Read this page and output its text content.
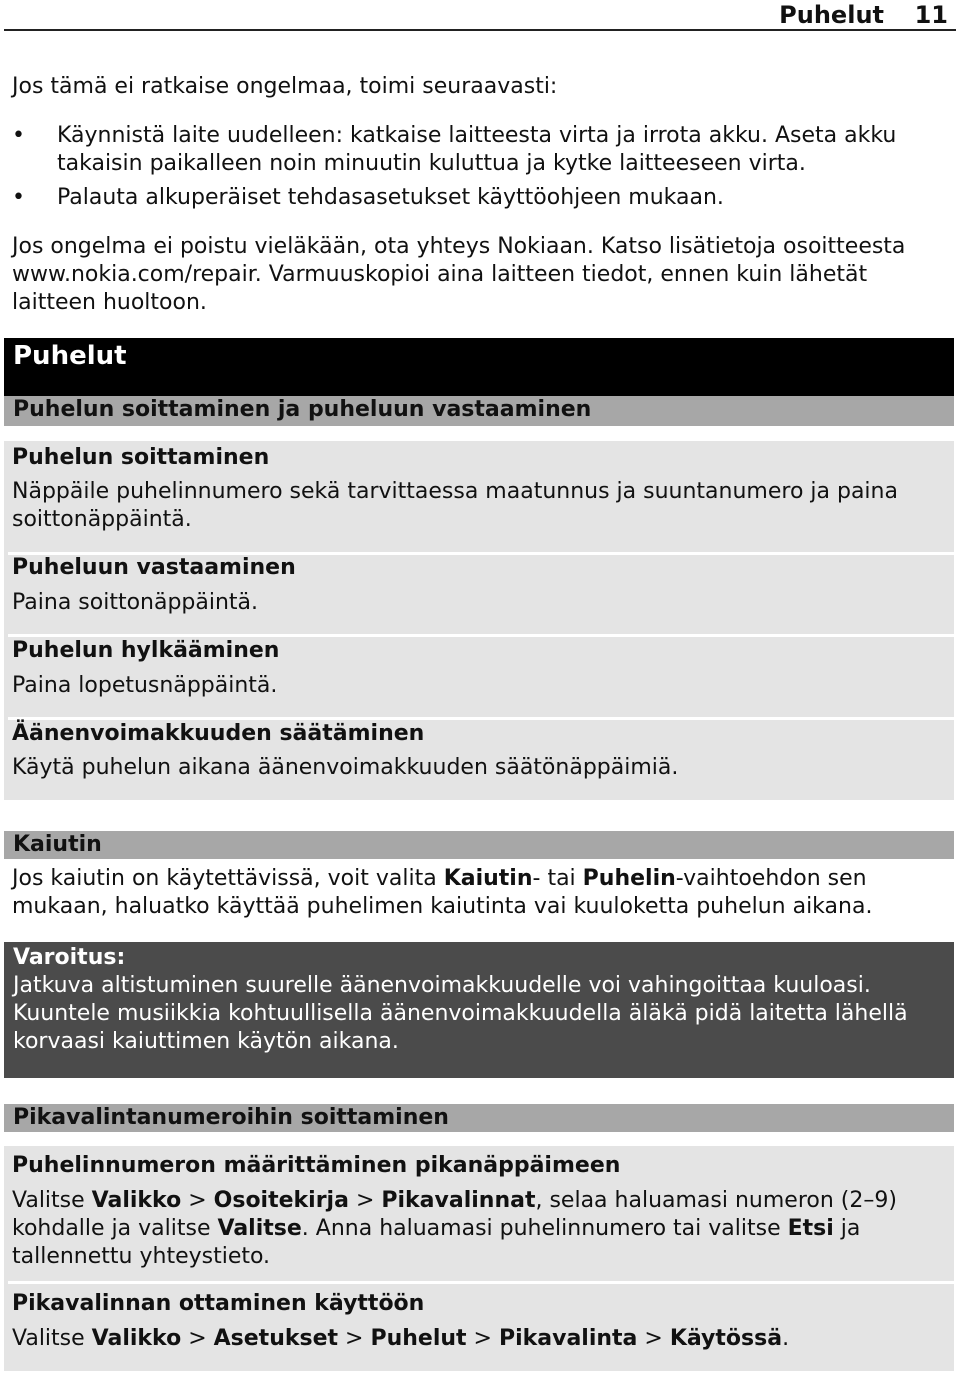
Puhelut 11
Jos tämä ei ratkaise ongelmaa, toimi seuraavasti:
• Käynnistä laite uudelleen: katkaise laitteesta virta ja irrota akku. Aseta akku takaisin paikalleen noin minuutin kuluttua ja kytke laitteeseen virta.
• Palauta alkuperäiset tehdasasetukset käyttöohjeen mukaan.
Jos ongelma ei poistu vieläkään, ota yhteys Nokiaan. Katso lisätietoja osoitteesta www.nokia.com/repair. Varmuuskopioi aina laitteen tiedot, ennen kuin lähetät laitteen huoltoon.
Puhelut
Puhelun soittaminen ja puheluun vastaaminen
Puhelun soittaminen
Näppäile puhelinnumero sekä tarvittaessa maatunnus ja suuntanumero ja paina soittonäppäintä.
Puheluun vastaaminen
Paina soittonäppäintä.
Puhelun hylkääminen
Paina lopetusnäppäintä.
Äänenvoimakkuuden säätäminen
Käytä puhelun aikana äänenvoimakkuuden säätönäppäimiä.
Kaiutin
Jos kaiutin on käytettävissä, voit valita Kaiutin- tai Puhelin-vaihtoehdon sen mukaan, haluatko käyttää puhelimen kaiutinta vai kuuloketta puhelun aikana.
Varoitus:
Jatkuva altistuminen suurelle äänenvoimakkuudelle voi vahingoittaa kuuloasi. Kuuntele musiikkia kohtuullisella äänenvoimakkuudella äläkä pidä laitetta lähellä korvaasi kaiuttimen käytön aikana.
Pikavalintanumeroihin soittaminen
Puhelinnumeron määrittäminen pikanäppäimeen
Valitse Valikko > Osoitekirja > Pikavalinnat, selaa haluamasi numeron (2–9) kohdalle ja valitse Valitse. Anna haluamasi puhelinnumero tai valitse Etsi ja tallennettu yhteystieto.
Pikavalinnan ottaminen käyttöön
Valitse Valikko > Asetukset > Puhelut > Pikavalinta > Käytössä.
